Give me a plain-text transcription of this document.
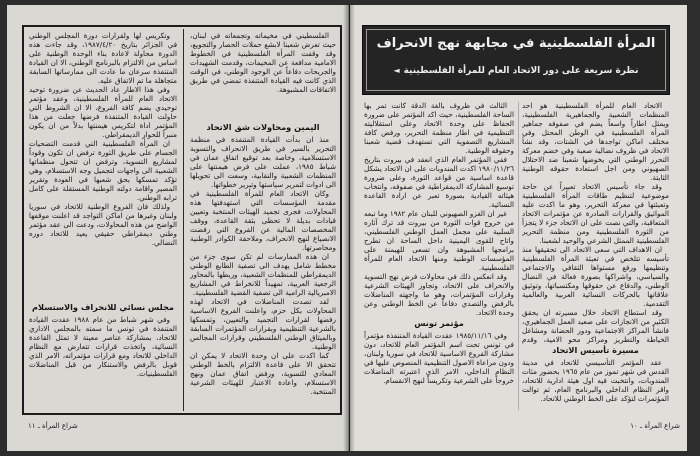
الفلسطيني في مخيماته وتجمعاته في لبنان، حيث تعرض شعبنا لابشع حملات الحصار والتجويع، وقد وقفت المرأة الفلسطينية في الخطوط الامامية مدافعة عن المخيمات، وقدمت الشهيدات والجريحات دفاعاً عن الوجود الوطني، في الوقت الذي كانت فيه القيادة المتنفذة تمضي في طريق الاتفاقات المشبوهة.

اليمين ومحاولات شق الاتحاد

منذ ان بدأت القيادة المتنفذة في منظمة التحرير بالسير في طريق الانحراف والتسوية الاستسلامية، وخاصة بعد توقيع اتفاق عمان في شباط ١٩٨٥، عملت على فرض هيمنتها على المنظمات الشعبية والنقابية، وسعت الى تحويلها الى ادوات لتمرير سياستها وتبرير خطواتها.

وكان الاتحاد العام للمرأة الفلسطينية في مقدمة المؤسسات التي استهدفتها هذه المحاولات، فجرى تجميد الهيئات المنتخبة وتعيين قيادات بديلة لا تحظى بثقة القاعدة، ووقف المخصصات المالية عن الفروع التي رفضت الانصياع لنهج الانحراف، وملاحقة الكوادر الوطنية ومحاصرتها.

ان هذه الممارسات لم تكن سوى جزء من مخطط شامل يهدف الى تصفية الطابع الوطني الديمقراطي للمنظمات الشعبية، وربطها بالمحاور الرجعية العربية، تمهيداً للانخراط في المشاريع الامبريالية الرامية الى تصفية القضية الفلسطينية.

لقد تصدت المناضلات في الاتحاد لهذه المحاولات بكل حزم، واعلنت الفروع الاساسية رفضها لقرارات التجميد والتعيين، وتمسكها بالشرعية التنظيمية وبقرارات المؤتمرات السابقة وبالميثاق الوطني الفلسطيني وقرارات المجالس الوطنية.

كما اكدت على ان وحدة الاتحاد لا يمكن ان تتحقق الا على قاعدة الالتزام بالخط الوطني المعادي للتسوية، ورفض اتفاق عمان ونهج الاستسلام، واعادة الاعتبار للهيئات الشرعية المنتخبة.

وتكريس لها ولقرارات دورة المجلس الوطني في الجزائر بتاريخ ١٩٨٧/٤/٢٠، وقد جاءت هذه الدورة محاولة لاعادة بناء الوحدة الوطنية على اساس من الالتزام بالبرنامج الوطني، الا ان القيادة المتنفذة سرعان ما عادت الى ممارساتها السابقة متجاهلة ما تم الاتفاق عليه.

وفي هذا الاطار عاد الحديث عن ضرورة توحيد الاتحاد العام للمرأة الفلسطينية، وعقد مؤتمر توحيدي يضم كافة الفروع، الا ان الشروط التي حاولت القيادة المتنفذة فرضها جعلت من هذا المؤتمر اداة لتكريس هيمنتها بدلاً من ان يكون منبراً للحوار الديمقراطي.

ان المرأة الفلسطينية التي قدمت التضحيات الجسام على طريق الثورة ترفض ان تكون وقوداً لمشاريع التسوية، وترفض ان تتحول منظماتها الشعبية الى واجهات لتجميل وجه الاستسلام، وهي تؤكد تمسكها بحق شعبها في العودة وتقرير المصير واقامة دولته الوطنية المستقلة على كامل ترابه الوطني.

ولذلك فان الفروع الوطنية للاتحاد في سوريا ولبنان وغيرها من اماكن التواجد قد اعلنت موقفها الواضح من هذه المحاولات، ودعت الى عقد مؤتمر وطني ديمقراطي حقيقي يعيد للاتحاد دوره النضالي.

مجلس نسائي للانحراف والاستسلام

وفي شهر شباط من عام ١٩٨٨ عقدت القيادة المتنفذة في تونس ما سمته بالمجلس الاداري للاتحاد، بمشاركة عناصر معينة لا تمثل القاعدة النسائية، واتخذت قرارات تتعارض مع النظام الداخلي للاتحاد ومع قرارات مؤتمراته، الامر الذي قوبل بالرفض والاستنكار من قبل المناضلات الفلسطينيات.

شراع المرأة ـ ١١
المرأة الفلسطينية في مجابهة نهج الانحراف
نظرة سريعة على دور الاتحاد العام للمرأة الفلسطينية
◄

الاتحاد العام للمرأة الفلسطينية هو احد المنظمات الشعبية والجماهيرية الفلسطينية، ويمثل اطاراً واسعاً يضم في صفوفه جماهير المرأة الفلسطينية في الوطن المحتل وفي مختلف اماكن تواجدها في الشتات، وقد نشأ الاتحاد في ظروف نضالية صعبة وفي خضم معركة التحرر الوطني التي يخوضها شعبنا ضد الاحتلال الصهيوني ومن اجل استعادة حقوقه الوطنية الثابتة.

وقد جاء تأسيس الاتحاد تعبيراً عن حاجة موضوعية لتنظيم طاقات المرأة الفلسطينية وتعبئتها في معركة التحرير، وهو ما اكدت عليه المواثيق والقرارات الصادرة عن مؤتمرات الاتحاد المتعاقبة، والتي نصت على ان الاتحاد جزء لا يتجزأ من الثورة الفلسطينية ومن منظمة التحرير الفلسطينية الممثل الشرعي والوحيد لشعبنا.

ان الاهداف التي سعى الاتحاد الى تحقيقها منذ تأسيسه تتلخص في تعبئة المرأة الفلسطينية وتنظيمها ورفع مستواها الثقافي والاجتماعي والسياسي، واشراكها بصورة فعالة في النضال الوطني، والدفاع عن حقوقها ومكتسباتها، وتوثيق علاقاتها بالحركات النسائية العربية والعالمية التقدمية.

وقد استطاع الاتحاد خلال مسيرته ان يحقق الكثير من الانجازات على صعيد العمل الجماهيري، فانشأ المراكز الاجتماعية ودور الحضانة ومشاغل الخياطة والتطريز ومراكز محو الامية، وقدم

مسيرة تأسيس الاتحاد

عقد المؤتمر التأسيسي للاتحاد في مدينة القدس في شهر تموز من عام ١٩٦٥ بحضور مئات المندوبات، وانتخبت فيه اول هيئة ادارية للاتحاد، واقر النظام الداخلي والبرنامج العام، ثم توالت المؤتمرات لتؤكد على الخط الوطني للاتحاد.

الثالث في ظروف بالغة الدقة كانت تمر بها الساحة الفلسطينية، حيث اكد المؤتمر على ضرورة الحفاظ على وحدة الاتحاد وعلى استقلاليته التنظيمية في اطار منظمة التحرير، ورفض كافة المشاريع التصفوية التي تستهدف قضية شعبنا وحقوقه الوطنية.

ففي المؤتمر العام الذي انعقد في بيروت بتاريخ ١٩٨٠/١١/٢٦ اكدت المندوبات على ان الاتحاد يشكل قاعدة اساسية من قواعد الثورة، وعلى ضرورة توسيع المشاركة الديمقراطية في صفوفه، وانتخاب هيئاته القيادية بصورة تعبر عن ارادة القاعدة النسائية.

غير ان الغزو الصهيوني للبنان عام ١٩٨٢ وما تبعه من خروج قوات الثورة من بيروت قد ترك آثاره السلبية على مجمل العمل الوطني الفلسطيني، واتاح للقوى اليمينية داخل الساحة ان تطرح برامجها المشبوهة وان تسعى للهيمنة على المؤسسات الوطنية ومنها الاتحاد العام للمرأة الفلسطينية.

وقد انعكس ذلك في محاولات فرض نهج التسوية والانحراف على الاتحاد، وتجاوز الهيئات الشرعية وقرارات المؤتمرات، وهو ما واجهته المناضلات بالرفض والتصدي دفاعاً عن الخط الوطني وعن وحدة الاتحاد.

مؤتمر تونس

وفي ١٩٨٥/١١/١٦ عقدت القيادة المتنفذة مؤتمراً في تونس تحت اسم المؤتمر العام للاتحاد، دون مشاركة الفروع الاساسية للاتحاد في سوريا ولبنان، ودون مراعاة الاصول التنظيمية المنصوص عليها في النظام الداخلي، الامر الذي اعتبرته المناضلات خروجاً على الشرعية وتكريساً لنهج الانقسام.

شراع المرأة ـ ١٠
